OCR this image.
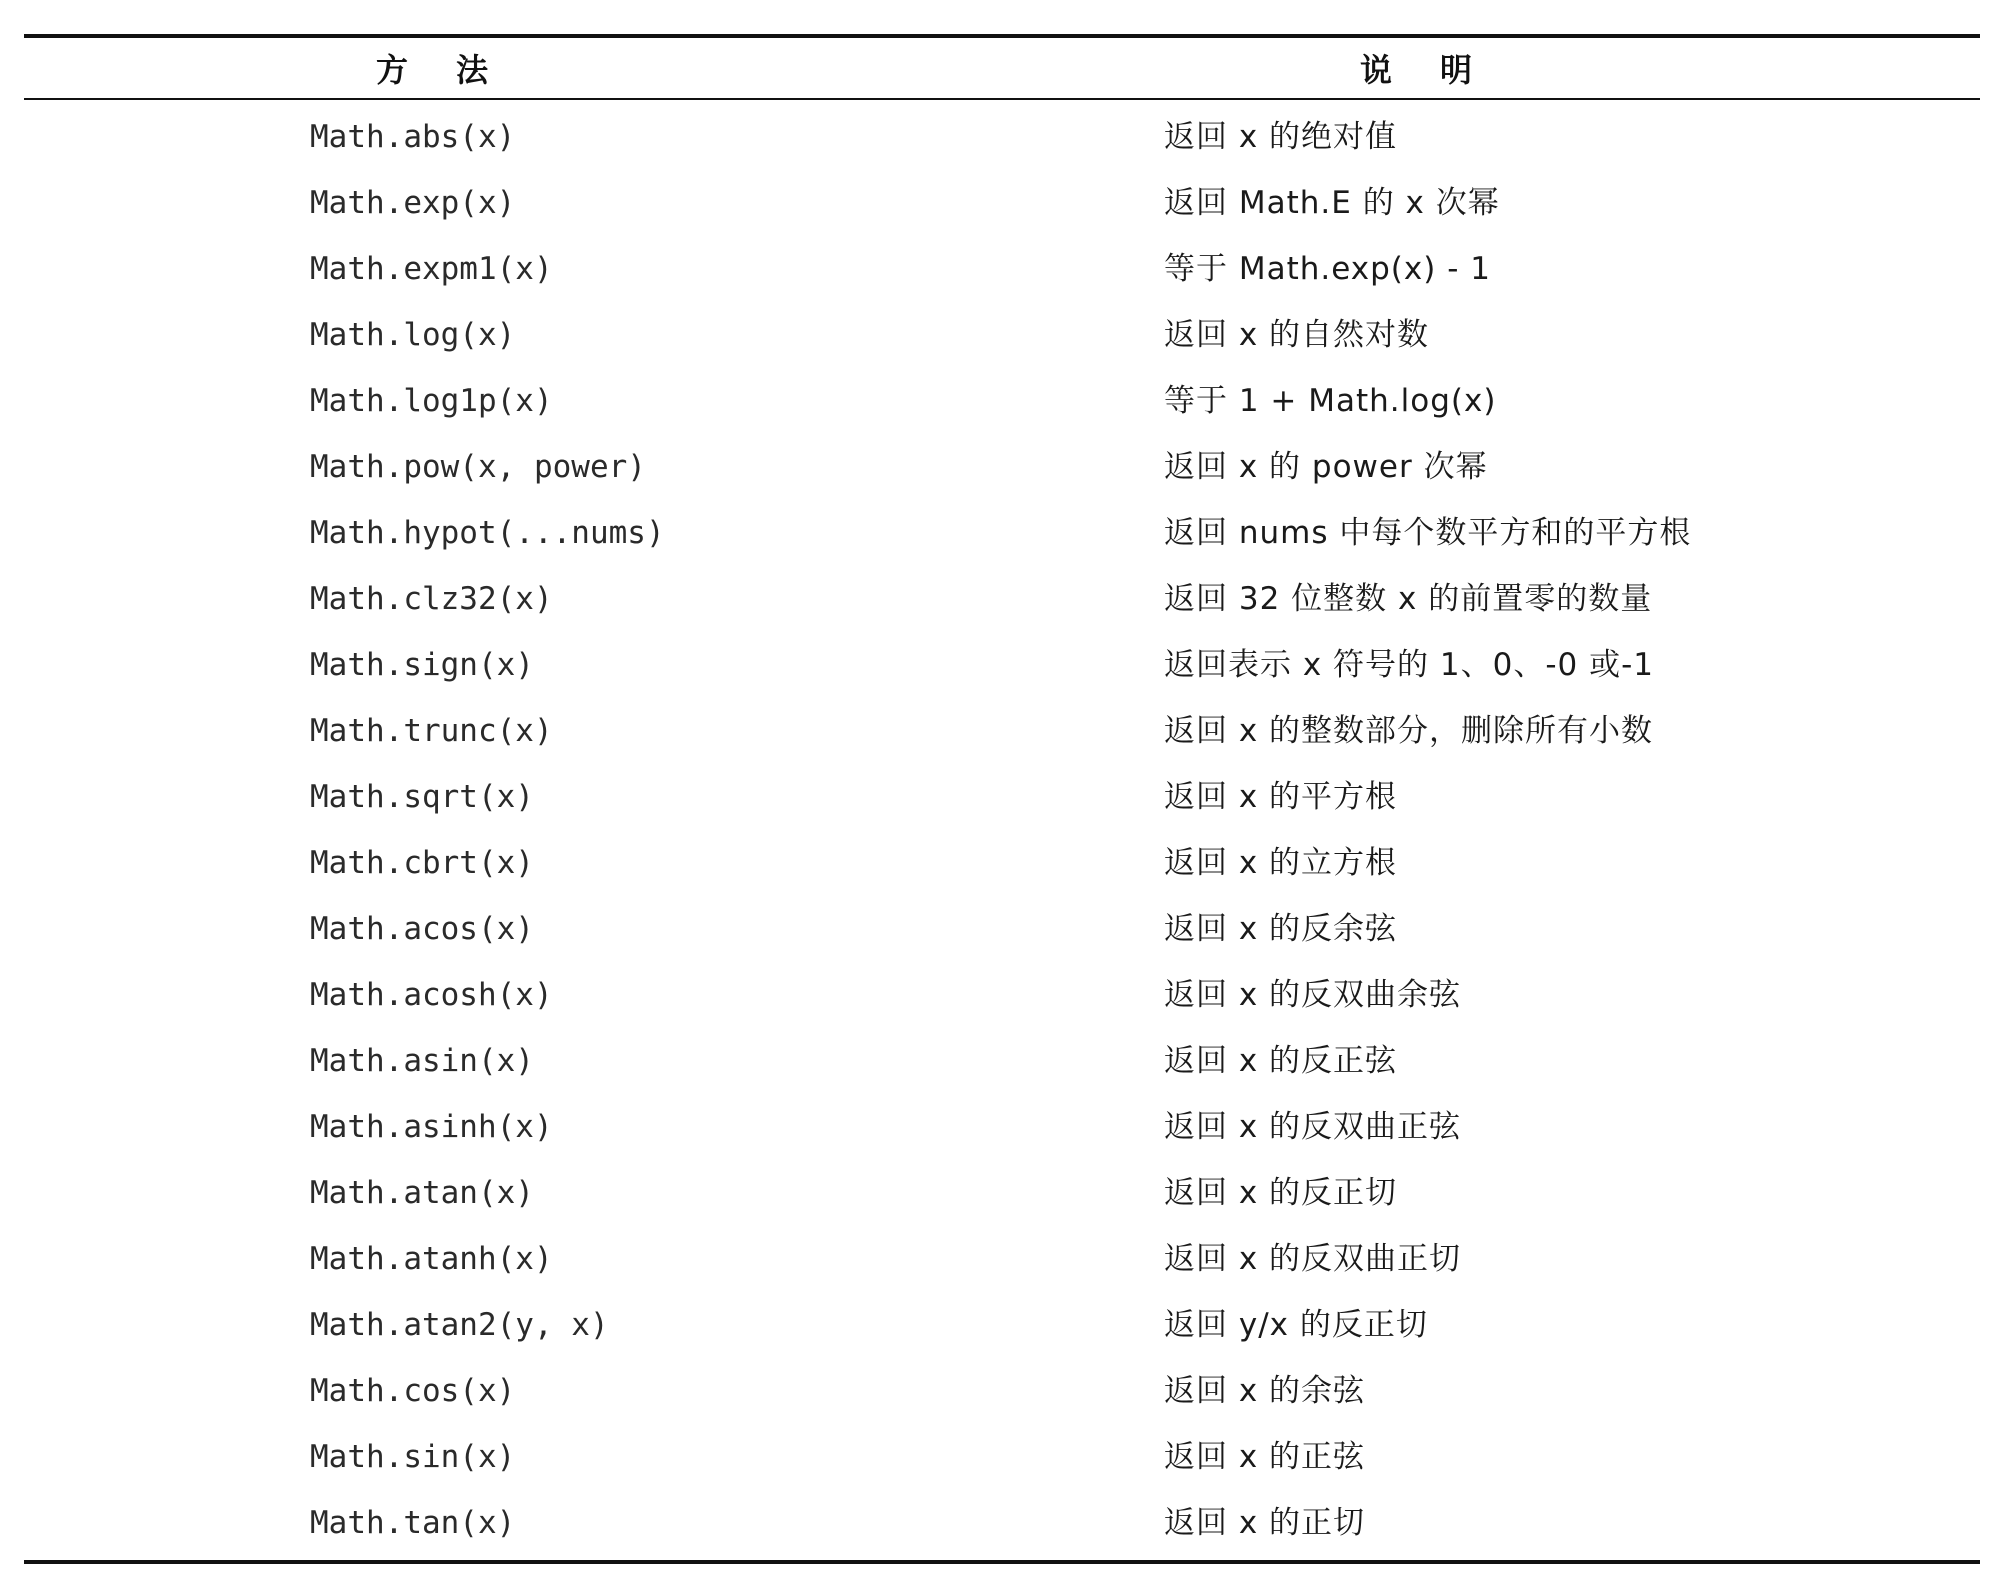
方法	说明
Math.abs(x)	返回 x 的绝对值
Math.exp(x)	返回 Math.E 的 x 次幂
Math.expm1(x)	等于 Math.exp(x) - 1
Math.log(x)	返回 x 的自然对数
Math.log1p(x)	等于 1 + Math.log(x)
Math.pow(x, power)	返回 x 的 power 次幂
Math.hypot(...nums)	返回 nums 中每个数平方和的平方根
Math.clz32(x)	返回 32 位整数 x 的前置零的数量
Math.sign(x)	返回表示 x 符号的 1、0、-0 或-1
Math.trunc(x)	返回 x 的整数部分，删除所有小数
Math.sqrt(x)	返回 x 的平方根
Math.cbrt(x)	返回 x 的立方根
Math.acos(x)	返回 x 的反余弦
Math.acosh(x)	返回 x 的反双曲余弦
Math.asin(x)	返回 x 的反正弦
Math.asinh(x)	返回 x 的反双曲正弦
Math.atan(x)	返回 x 的反正切
Math.atanh(x)	返回 x 的反双曲正切
Math.atan2(y, x)	返回 y/x 的反正切
Math.cos(x)	返回 x 的余弦
Math.sin(x)	返回 x 的正弦
Math.tan(x)	返回 x 的正切
